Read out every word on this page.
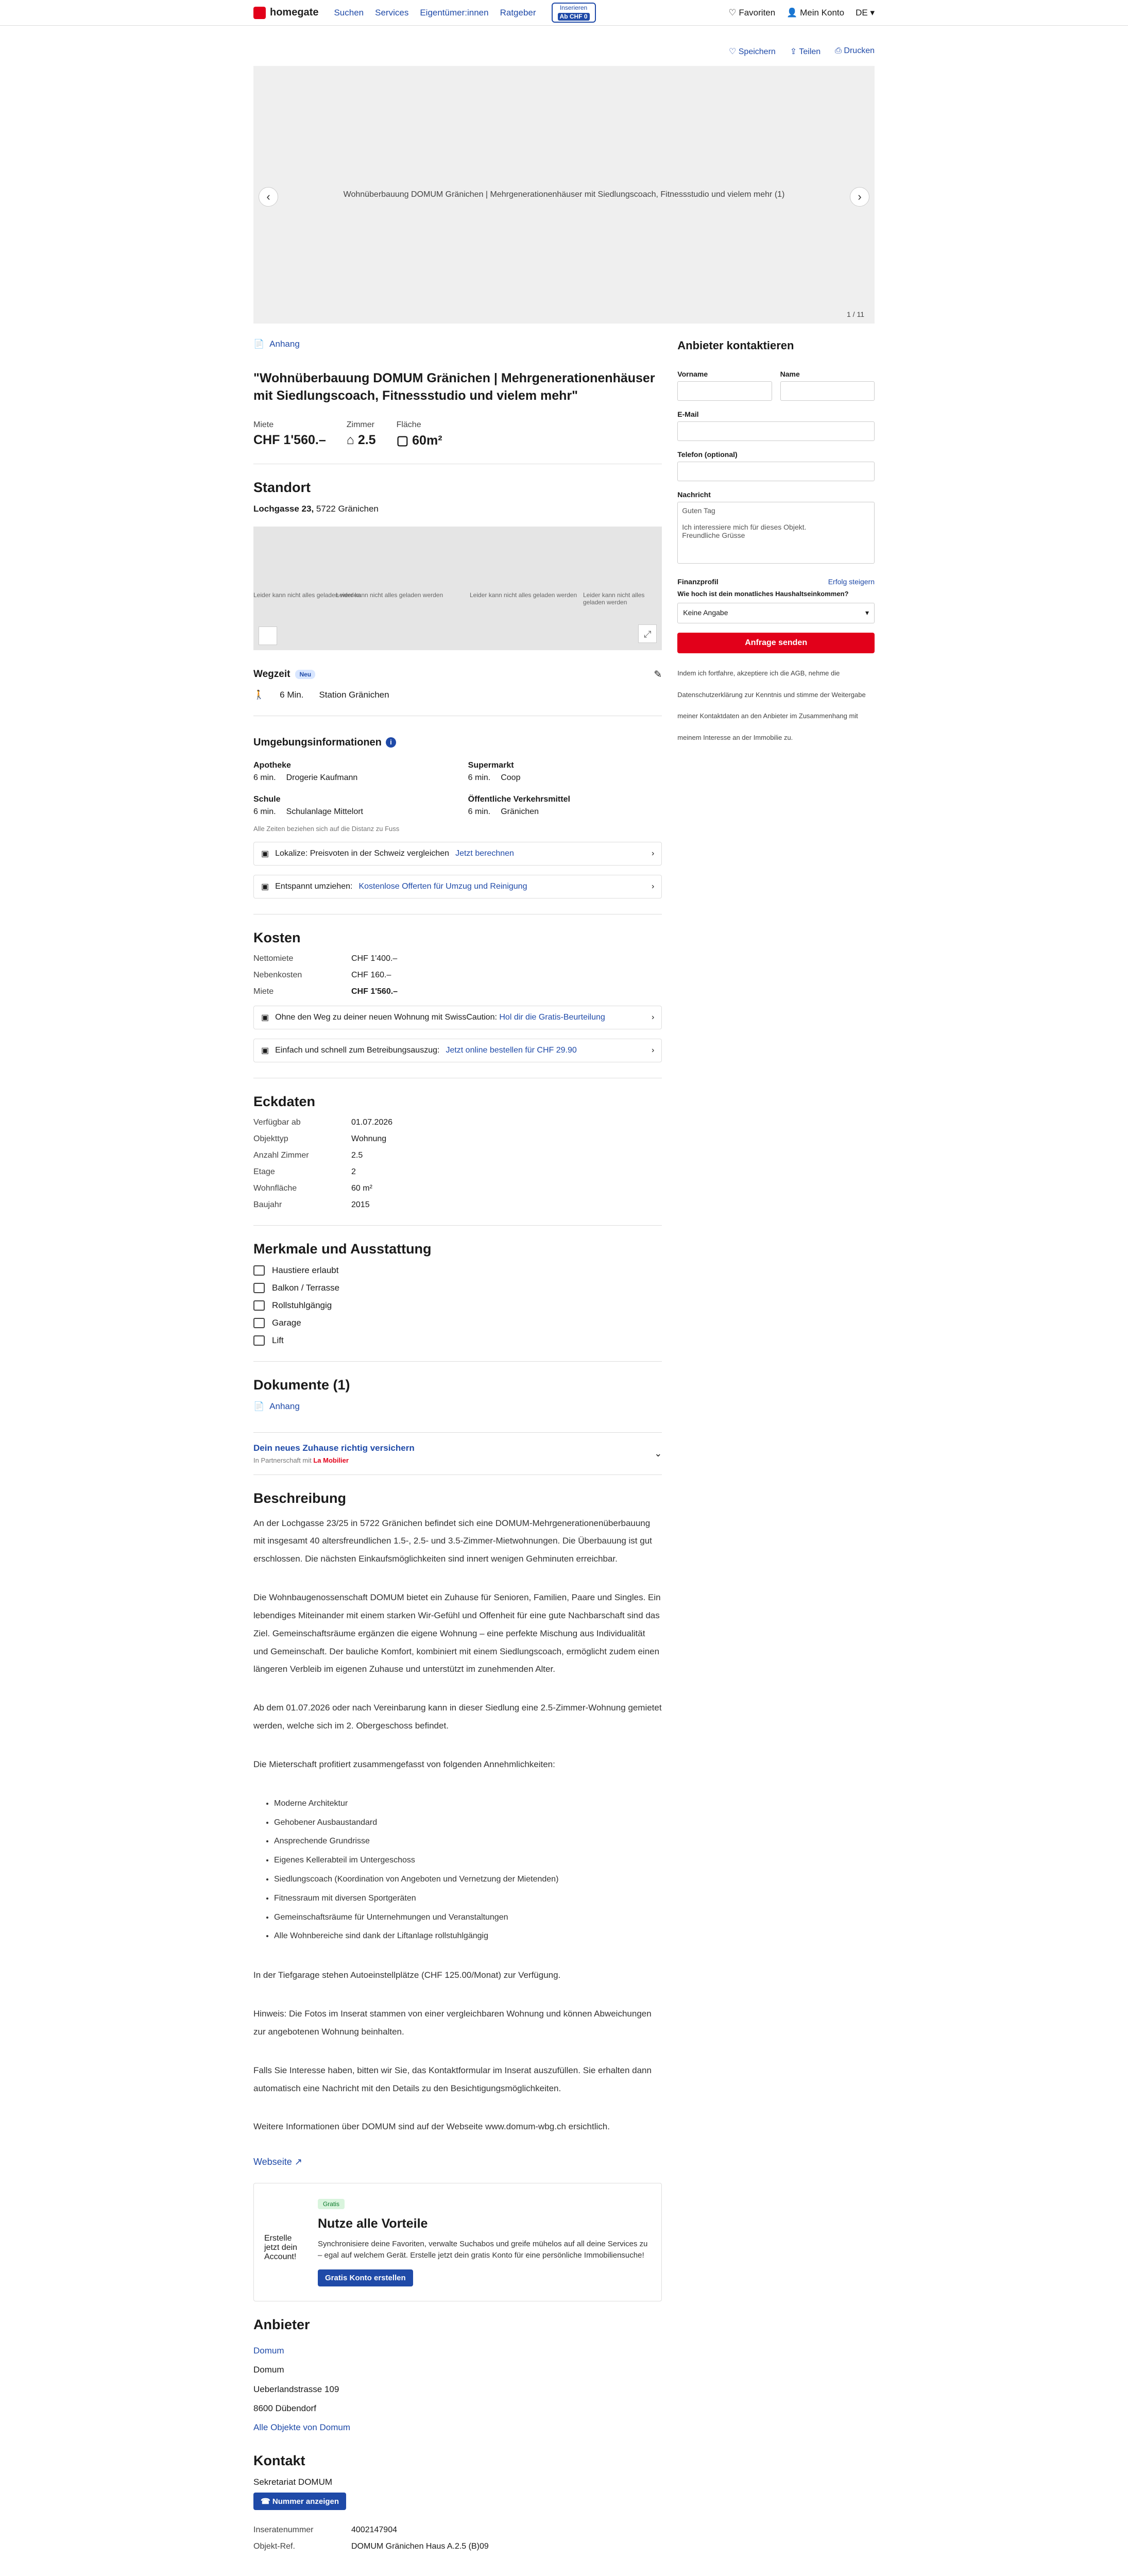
homegate Suchen Services Eigentümer:innen Ratgeber	Inserieren
Ab CHF 0	♡ Favoriten 👤 Mein Konto DE ▾
♡ Speichern ⇪ Teilen ⎙ Drucken
Wohnüberbauung DOMUM Gränichen | Mehrgenerationenhäuser mit Siedlungscoach, Fitnessstudio und vielem mehr (1)
‹	›
1 / 11
📄 Anhang
"Wohnüberbauung DOMUM Gränichen | Mehrgenerationenhäuser mit Siedlungscoach, Fitnessstudio und vielem mehr"
Miete
CHF 1'560.–
Zimmer
⌂ 2.5
Fläche
▢ 60m²
Standort
Lochgasse 23, 5722 Gränichen
Leider kann nicht alles geladen werden
Leider kann nicht alles geladen werden	Leider kann nicht alles geladen werden Leider kann nicht alles geladen werden
⤢
Wegzeit	Neu	✎
🚶 6 Min. Station Gränichen
Umgebungsinformationen	i
Apotheke
6 min. Drogerie Kaufmann
Supermarkt
6 min. Coop
Schule
6 min. Schulanlage Mittelort
Öffentliche Verkehrsmittel
6 min. Gränichen
Alle Zeiten beziehen sich auf die Distanz zu Fuss
▣ Lokalize: Preisvoten in der Schweiz vergleichen Jetzt berechnen	›
▣ Entspannt umziehen: Kostenlose Offerten für Umzug und Reinigung	›
Kosten
Nettomiete	CHF 1'400.–
Nebenkosten	CHF 160.–
Miete	CHF 1'560.–
▣ Ohne den Weg zu deiner neuen Wohnung mit SwissCaution: Hol dir die Gratis-Beurteilung	›
▣ Einfach und schnell zum Betreibungsauszug: Jetzt online bestellen für CHF 29.90	›
Eckdaten
Verfügbar ab	01.07.2026
Objekttyp	Wohnung
Anzahl Zimmer	2.5
Etage	2
Wohnfläche	60 m²
Baujahr	2015
Merkmale und Ausstattung
Haustiere erlaubt
Balkon / Terrasse
Rollstuhlgängig
Garage
Lift
Dokumente (1)
📄 Anhang
Dein neues Zuhause richtig versichern
In Partnerschaft mit La Mobilier
⌄
Beschreibung

An der Lochgasse 23/25 in 5722 Gränichen befindet sich eine DOMUM-Mehrgenerationenüberbauung mit insgesamt 40 altersfreundlichen 1.5-, 2.5- und 3.5-Zimmer-Mietwohnungen. Die Überbauung ist gut erschlossen. Die nächsten Einkaufsmöglichkeiten sind innert wenigen Gehminuten erreichbar.

Die Wohnbaugenossenschaft DOMUM bietet ein Zuhause für Senioren, Familien, Paare und Singles. Ein lebendiges Miteinander mit einem starken Wir-Gefühl und Offenheit für eine gute Nachbarschaft sind das Ziel. Gemeinschaftsräume ergänzen die eigene Wohnung – eine perfekte Mischung aus Individualität und Gemeinschaft. Der bauliche Komfort, kombiniert mit einem Siedlungscoach, ermöglicht zudem einen längeren Verbleib im eigenen Zuhause und unterstützt im zunehmenden Alter.

Ab dem 01.07.2026 oder nach Vereinbarung kann in dieser Siedlung eine 2.5-Zimmer-Wohnung gemietet werden, welche sich im 2. Obergeschoss befindet.

Die Mieterschaft profitiert zusammengefasst von folgenden Annehmlichkeiten:

• Moderne Architektur
• Gehobener Ausbaustandard
• Ansprechende Grundrisse
• Eigenes Kellerabteil im Untergeschoss
• Siedlungscoach (Koordination von Angeboten und Vernetzung der Mietenden)
• Fitnessraum mit diversen Sportgeräten
• Gemeinschaftsräume für Unternehmungen und Veranstaltungen
• Alle Wohnbereiche sind dank der Liftanlage rollstuhlgängig

In der Tiefgarage stehen Autoeinstellplätze (CHF 125.00/Monat) zur Verfügung.

Hinweis: Die Fotos im Inserat stammen von einer vergleichbaren Wohnung und können Abweichungen zur angebotenen Wohnung beinhalten.

Falls Sie Interesse haben, bitten wir Sie, das Kontaktformular im Inserat auszufüllen. Sie erhalten dann automatisch eine Nachricht mit den Details zu den Besichtigungsmöglichkeiten.

Weitere Informationen über DOMUM sind auf der Webseite www.domum-wbg.ch ersichtlich.

Webseite ↗
Erstelle jetzt dein Account!
Gratis
Nutze alle Vorteile

Synchronisiere deine Favoriten, verwalte Suchabos und greife mühelos auf all deine Services zu – egal auf welchem Gerät. Erstelle jetzt dein gratis Konto für eine persönliche Immobiliensuche!

Gratis Konto erstellen
Anbieter
Domum
Domum
Ueberlandstrasse 109
8600 Dübendorf
Alle Objekte von Domum
Kontakt
Sekretariat DOMUM
☎ Nummer anzeigen
Inseratenummer	4002147904
Objekt-Ref.	DOMUM Gränichen Haus A.2.5 (B)09
Anbieter kontaktieren
Vorname	Name
E-Mail
Telefon (optional)
Nachricht
Guten Tag Ich interessiere mich für dieses Objekt. Freundliche Grüsse
Finanzprofil	Erfolg steigern
Wie hoch ist dein monatliches Haushaltseinkommen?
Keine Angabe	▾
Anfrage senden
Indem ich fortfahre, akzeptiere ich die AGB, nehme die Datenschutzerklärung zur Kenntnis und stimme der Weitergabe meiner Kontaktdaten an den Anbieter im Zusammenhang mit meinem Interesse an der Immobilie zu.
